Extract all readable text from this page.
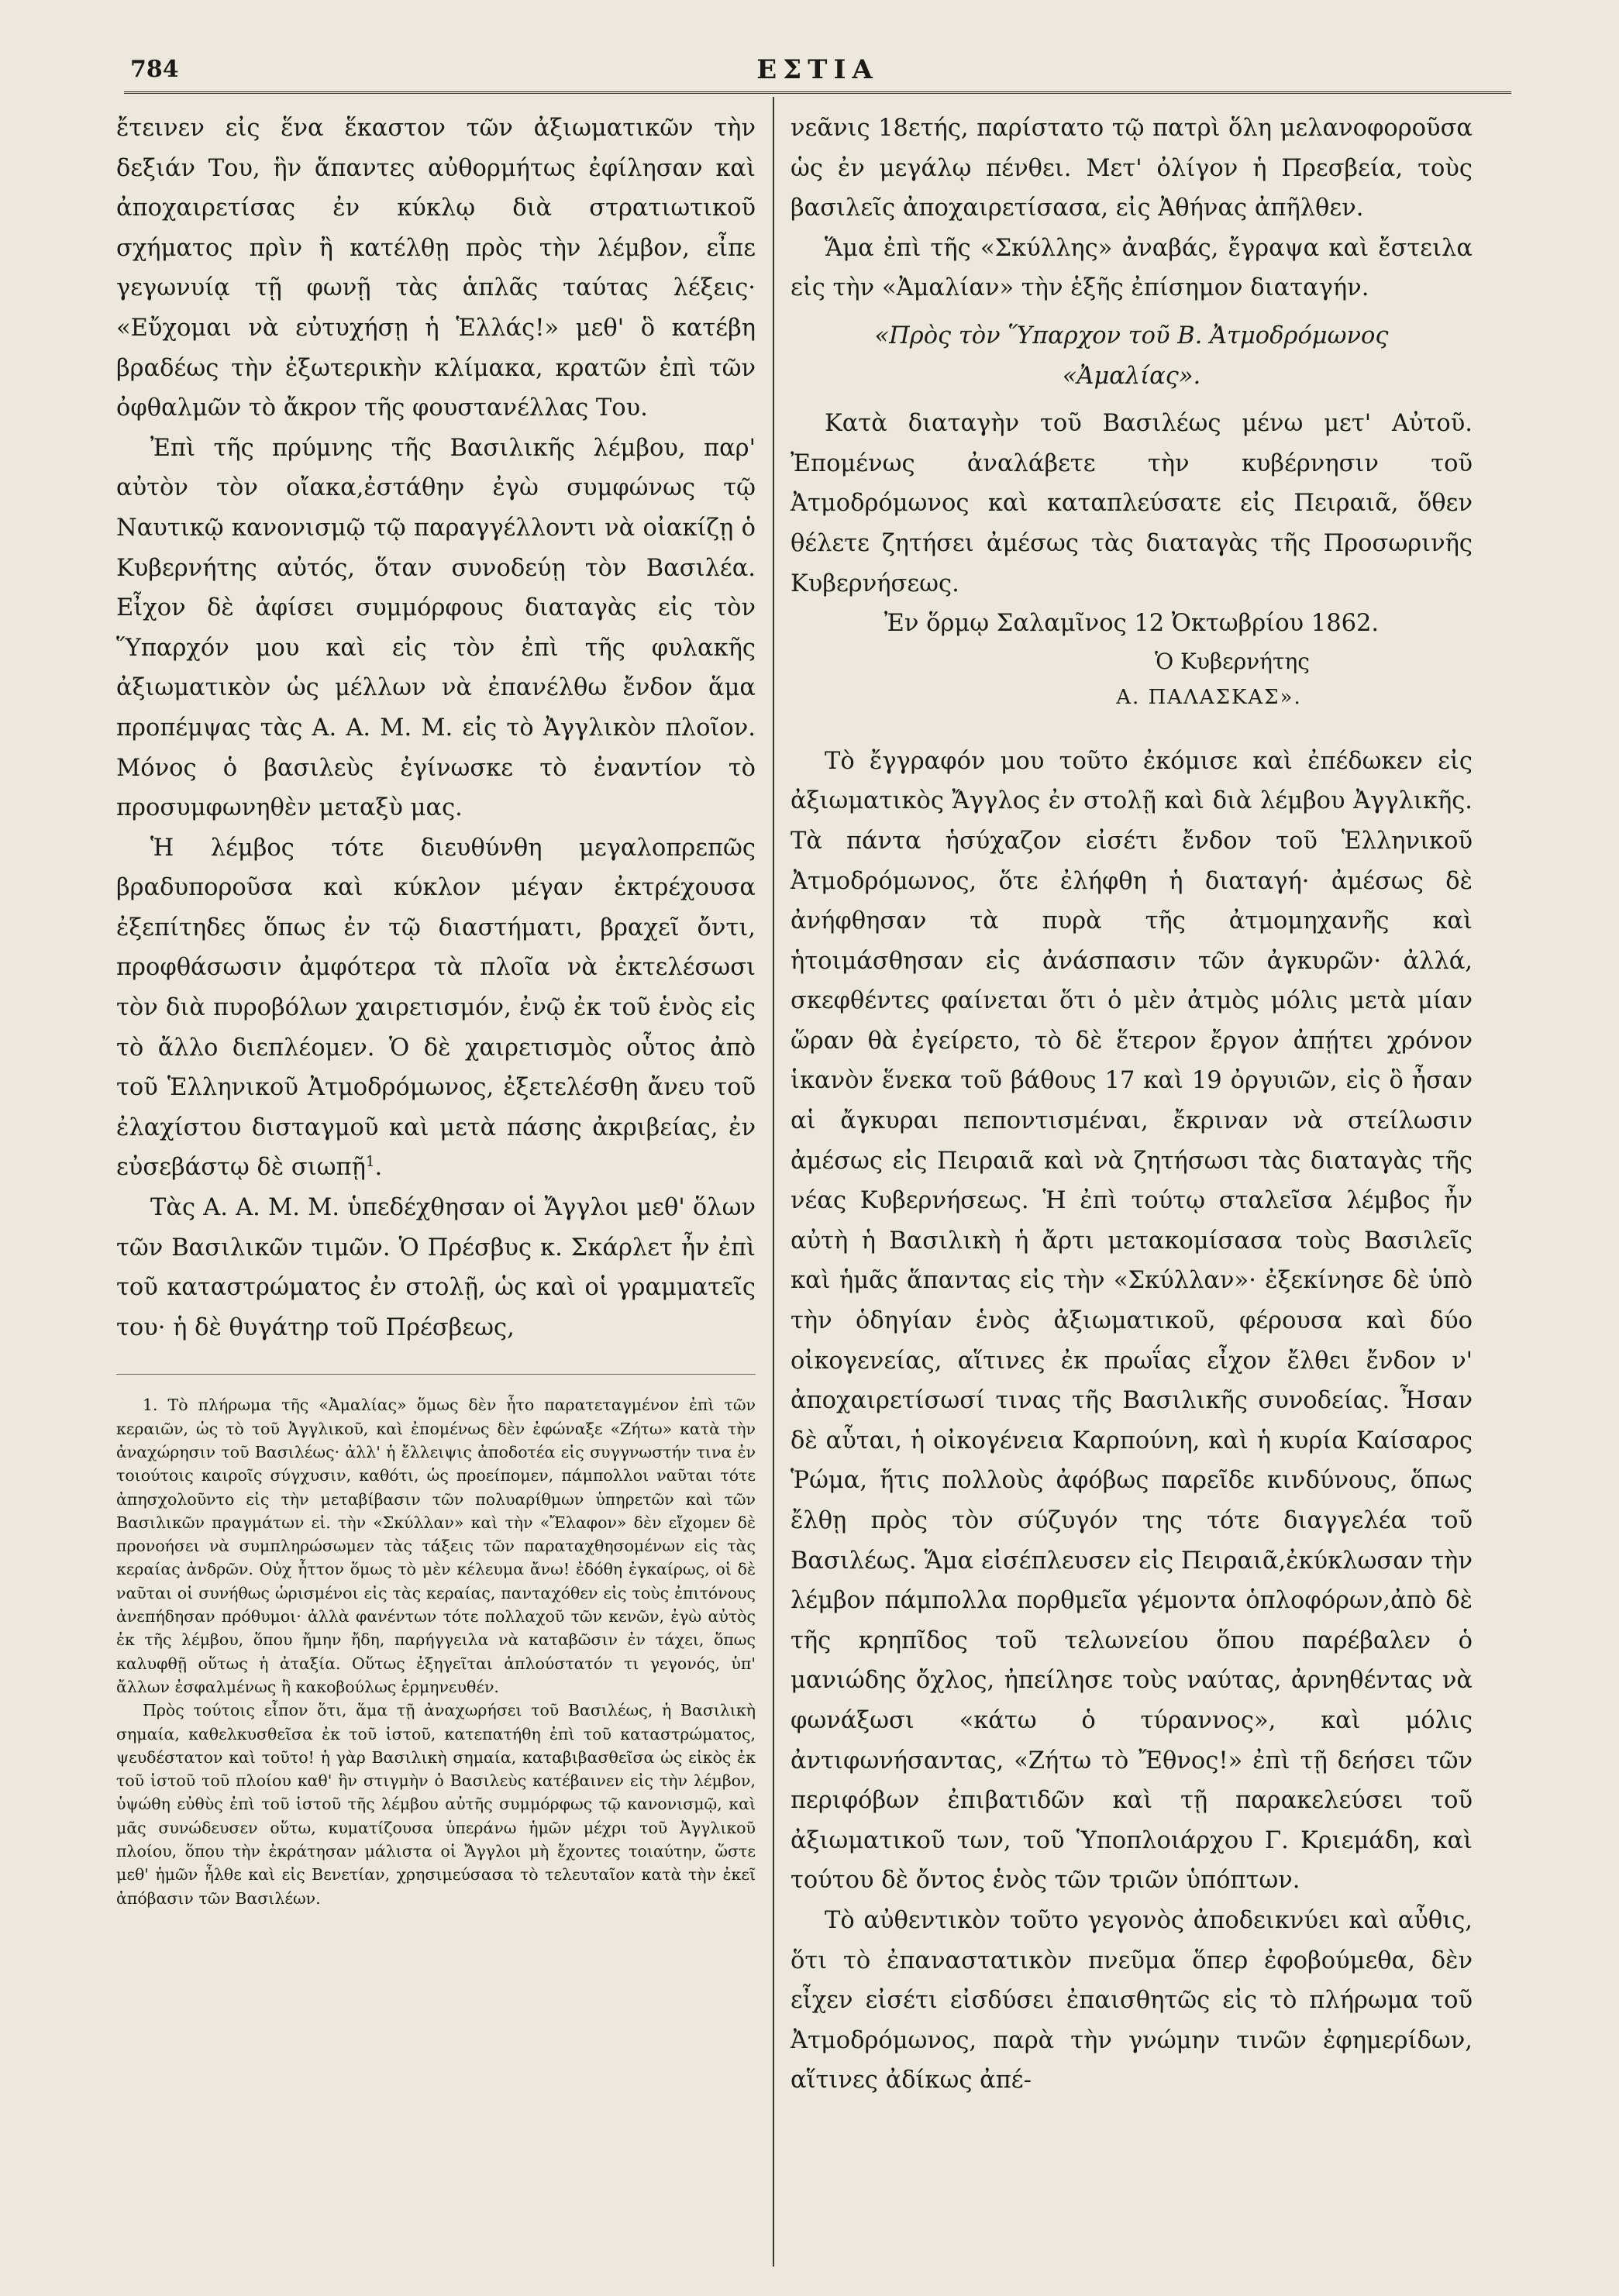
784	ΕΣΤΙΑ

ἔτεινεν εἰς ἕνα ἕκαστον τῶν ἀξιωματικῶν τὴν δεξιάν Του, ἣν ἅπαντες αὐθορμήτως ἐφίλησαν καὶ ἀποχαιρετίσας ἐν κύκλῳ διὰ στρατιωτικοῦ σχήματος πρὶν ἢ κατέλθῃ πρὸς τὴν λέμβον, εἶπε γεγωνυίᾳ τῇ φωνῇ τὰς ἁπλᾶς ταύτας λέξεις· «Εὔχομαι νὰ εὐτυχήσῃ ἡ Ἑλλάς!» μεθ' ὃ κατέβη βραδέως τὴν ἐξωτερικὴν κλίμακα, κρατῶν ἐπὶ τῶν ὀφθαλμῶν τὸ ἄκρον τῆς φουστανέλλας Του.

Ἐπὶ τῆς πρύμνης τῆς Βασιλικῆς λέμβου, παρ' αὐτὸν τὸν οἴακα,ἐστάθην ἐγὼ συμφώνως τῷ Ναυτικῷ κανονισμῷ τῷ παραγγέλλοντι νὰ οἰακίζῃ ὁ Κυβερνήτης αὐτός, ὅταν συνοδεύῃ τὸν Βασιλέα. Εἶχον δὲ ἀφίσει συμμόρφους διαταγὰς εἰς τὸν Ὕπαρχόν μου καὶ εἰς τὸν ἐπὶ τῆς φυλακῆς ἀξιωματικὸν ὡς μέλλων νὰ ἐπανέλθω ἔνδον ἅμα προπέμψας τὰς Α. Α. Μ. Μ. εἰς τὸ Ἀγγλικὸν πλοῖον. Μόνος ὁ βασιλεὺς ἐγίνωσκε τὸ ἐναντίον τὸ προσυμφωνηθὲν μεταξὺ μας.

Ἡ λέμβος τότε διευθύνθη μεγαλοπρεπῶς βραδυποροῦσα καὶ κύκλον μέγαν ἐκτρέχουσα ἐξεπίτηδες ὅπως ἐν τῷ διαστήματι, βραχεῖ ὄντι, προφθάσωσιν ἀμφότερα τὰ πλοῖα νὰ ἐκτελέσωσι τὸν διὰ πυροβόλων χαιρετισμόν, ἐνῷ ἐκ τοῦ ἑνὸς εἰς τὸ ἄλλο διεπλέομεν. Ὁ δὲ χαιρετισμὸς οὗτος ἀπὸ τοῦ Ἑλληνικοῦ Ἀτμοδρόμωνος, ἐξετελέσθη ἄνευ τοῦ ἐλαχίστου δισταγμοῦ καὶ μετὰ πάσης ἀκριβείας, ἐν εὐσεβάστῳ δὲ σιωπῇ$^1$.

Τὰς Α. Α. Μ. Μ. ὑπεδέχθησαν οἱ Ἄγγλοι μεθ' ὅλων τῶν Βασιλικῶν τιμῶν. Ὁ Πρέσβυς κ. Σκάρλετ ἦν ἐπὶ τοῦ καταστρώματος ἐν στολῇ, ὡς καὶ οἱ γραμματεῖς του· ἡ δὲ θυγάτηρ τοῦ Πρέσβεως,

1. Τὸ πλήρωμα τῆς «Ἀμαλίας» ὅμως δὲν ἦτο παρατεταγμένον ἐπὶ τῶν κεραιῶν, ὡς τὸ τοῦ Ἀγγλικοῦ, καὶ ἐπομένως δὲν ἐφώναξε «Ζήτω» κατὰ τὴν ἀναχώρησιν τοῦ Βασιλέως· ἀλλ' ἡ ἔλλειψις ἀποδοτέα εἰς συγγνωστήν τινα ἐν τοιούτοις καιροῖς σύγχυσιν, καθότι, ὡς προείπομεν, πάμπολλοι ναῦται τότε ἀπησχολοῦντο εἰς τὴν μεταβίβασιν τῶν πολυαρίθμων ὑπηρετῶν καὶ τῶν Βασιλικῶν πραγμάτων εἰ. τὴν «Σκύλλαν» καὶ τὴν «Ἔλαφον» δὲν εἴχομεν δὲ προνοήσει νὰ συμπληρώσωμεν τὰς τάξεις τῶν παραταχθησομένων εἰς τὰς κεραίας ἀνδρῶν. Οὐχ ἧττον ὅμως τὸ μὲν κέλευμα ἄνω! ἐδόθη ἐγκαίρως, οἱ δὲ ναῦται οἱ συνήθως ὡρισμένοι εἰς τὰς κεραίας, πανταχόθεν εἰς τοὺς ἐπιτόνους ἀνεπήδησαν πρόθυμοι· ἀλλὰ φανέντων τότε πολλαχοῦ τῶν κενῶν, ἐγὼ αὐτὸς ἐκ τῆς λέμβου, ὅπου ἤμην ἤδη, παρήγγειλα νὰ καταβῶσιν ἐν τάχει, ὅπως καλυφθῇ οὕτως ἡ ἀταξία. Οὕτως ἐξηγεῖται ἁπλούστατόν τι γεγονός, ὑπ' ἄλλων ἐσφαλμένως ἢ κακοβούλως ἑρμηνευθέν.

Πρὸς τούτοις εἶπον ὅτι, ἅμα τῇ ἀναχωρήσει τοῦ Βασιλέως, ἡ Βασιλικὴ σημαία, καθελκυσθεῖσα ἐκ τοῦ ἱστοῦ, κατεπατήθη ἐπὶ τοῦ καταστρώματος, ψευδέστατον καὶ τοῦτο! ἡ γὰρ Βασιλικὴ σημαία, καταβιβασθεῖσα ὡς εἰκὸς ἐκ τοῦ ἱστοῦ τοῦ πλοίου καθ' ἣν στιγμὴν ὁ Βασιλεὺς κατέβαινεν εἰς τὴν λέμβον, ὑψώθη εὐθὺς ἐπὶ τοῦ ἱστοῦ τῆς λέμβου αὐτῆς συμμόρφως τῷ κανονισμῷ, καὶ μᾶς συνώδευσεν οὕτω, κυματίζουσα ὑπεράνω ἡμῶν μέχρι τοῦ Ἀγγλικοῦ πλοίου, ὅπου τὴν ἐκράτησαν μάλιστα οἱ Ἄγγλοι μὴ ἔχοντες τοιαύτην, ὥστε μεθ' ἡμῶν ἦλθε καὶ εἰς Βενετίαν, χρησιμεύσασα τὸ τελευταῖον κατὰ τὴν ἐκεῖ ἀπόβασιν τῶν Βασιλέων.

νεᾶνις 18ετής, παρίστατο τῷ πατρὶ ὅλη μελανοφοροῦσα ὡς ἐν μεγάλῳ πένθει. Μετ' ὀλίγον ἡ Πρεσβεία, τοὺς βασιλεῖς ἀποχαιρετίσασα, εἰς Ἀθήνας ἀπῆλθεν.

Ἅμα ἐπὶ τῆς «Σκύλλης» ἀναβάς, ἔγραψα καὶ ἔστειλα εἰς τὴν «Ἀμαλίαν» τὴν ἑξῆς ἐπίσημον διαταγήν.

«Πρὸς τὸν Ὕπαρχον τοῦ Β. Ἀτμοδρόμωνος
«Ἀμαλίας».

Κατὰ διαταγὴν τοῦ Βασιλέως μένω μετ' Αὐτοῦ. Ἐπομένως ἀναλάβετε τὴν κυβέρνησιν τοῦ Ἀτμοδρόμωνος καὶ καταπλεύσατε εἰς Πειραιᾶ, ὅθεν θέλετε ζητήσει ἀμέσως τὰς διαταγὰς τῆς Προσωρινῆς Κυβερνήσεως.

Ἐν ὅρμῳ Σαλαμῖνος 12 Ὀκτωβρίου 1862.

Ὁ Κυβερνήτης
Α. ΠΑΛΑΣΚΑΣ».

Τὸ ἔγγραφόν μου τοῦτο ἐκόμισε καὶ ἐπέδωκεν εἰς ἀξιωματικὸς Ἄγγλος ἐν στολῇ καὶ διὰ λέμβου Ἀγγλικῆς. Τὰ πάντα ἡσύχαζον εἰσέτι ἔνδον τοῦ Ἑλληνικοῦ Ἀτμοδρόμωνος, ὅτε ἐλήφθη ἡ διαταγή· ἀμέσως δὲ ἀνήφθησαν τὰ πυρὰ τῆς ἀτμομηχανῆς καὶ ἡτοιμάσθησαν εἰς ἀνάσπασιν τῶν ἀγκυρῶν· ἀλλά, σκεφθέντες φαίνεται ὅτι ὁ μὲν ἀτμὸς μόλις μετὰ μίαν ὥραν θὰ ἐγείρετο, τὸ δὲ ἕτερον ἔργον ἀπῄτει χρόνον ἱκανὸν ἕνεκα τοῦ βάθους 17 καὶ 19 ὀργυιῶν, εἰς ὃ ἦσαν αἱ ἄγκυραι πεποντισμέναι, ἔκριναν νὰ στείλωσιν ἀμέσως εἰς Πειραιᾶ καὶ νὰ ζητήσωσι τὰς διαταγὰς τῆς νέας Κυβερνήσεως. Ἡ ἐπὶ τούτῳ σταλεῖσα λέμβος ἦν αὐτὴ ἡ Βασιλικὴ ἡ ἄρτι μετακομίσασα τοὺς Βασιλεῖς καὶ ἡμᾶς ἅπαντας εἰς τὴν «Σκύλλαν»· ἐξεκίνησε δὲ ὑπὸ τὴν ὁδηγίαν ἑνὸς ἀξιωματικοῦ, φέρουσα καὶ δύο οἰκογενείας, αἵτινες ἐκ πρωΐας εἶχον ἔλθει ἔνδον ν' ἀποχαιρετίσωσί τινας τῆς Βασιλικῆς συνοδείας. Ἦσαν δὲ αὗται, ἡ οἰκογένεια Καρπούνη, καὶ ἡ κυρία Καίσαρος Ῥώμα, ἥτις πολλοὺς ἀφόβως παρεῖδε κινδύνους, ὅπως ἔλθῃ πρὸς τὸν σύζυγόν της τότε διαγγελέα τοῦ Βασιλέως. Ἅμα εἰσέπλευσεν εἰς Πειραιᾶ,ἐκύκλωσαν τὴν λέμβον πάμπολλα πορθμεῖα γέμοντα ὁπλοφόρων,ἀπὸ δὲ τῆς κρηπῖδος τοῦ τελωνείου ὅπου παρέβαλεν ὁ μανιώδης ὄχλος, ἠπείλησε τοὺς ναύτας, ἀρνηθέντας νὰ φωνάξωσι «κάτω ὁ τύραννος», καὶ μόλις ἀντιφωνήσαντας, «Ζήτω τὸ Ἔθνος!» ἐπὶ τῇ δεήσει τῶν περιφόβων ἐπιβατιδῶν καὶ τῇ παρακελεύσει τοῦ ἀξιωματικοῦ των, τοῦ Ὑποπλοιάρχου Γ. Κριεμάδη, καὶ τούτου δὲ ὄντος ἑνὸς τῶν τριῶν ὑπόπτων.

Τὸ αὐθεντικὸν τοῦτο γεγονὸς ἀποδεικνύει καὶ αὖθις, ὅτι τὸ ἐπαναστατικὸν πνεῦμα ὅπερ ἐφοβούμεθα, δὲν εἶχεν εἰσέτι εἰσδύσει ἐπαισθητῶς εἰς τὸ πλήρωμα τοῦ Ἀτμοδρόμωνος, παρὰ τὴν γνώμην τινῶν ἐφημερίδων, αἵτινες ἀδίκως ἀπέ-
